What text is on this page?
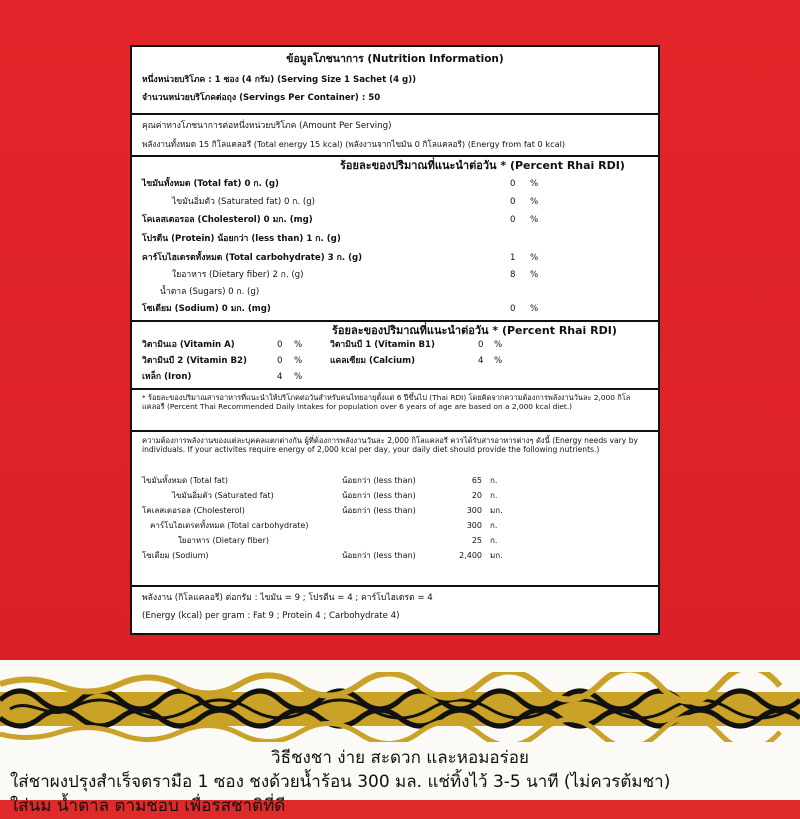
ข้อมูลโภชนาการ (Nutrition Information)
หนึ่งหน่วยบริโภค : 1 ซอง (4 กรัม) (Serving Size 1 Sachet (4 g))
จำนวนหน่วยบริโภคต่อถุง (Servings Per Container) : 50
คุณค่าทางโภชนาการต่อหนึ่งหน่วยบริโภค (Amount Per Serving)
พลังงานทั้งหมด 15 กิโลแคลอรี (Total energy 15 kcal) (พลังงานจากไขมัน 0 กิโลแคลอรี) (Energy from fat 0 kcal)
ร้อยละของปริมาณที่แนะนำต่อวัน * (Percent Rhai RDI)
ไขมันทั้งหมด (Total fat) 0 ก. (g)	0 %
ไขมันอิ่มตัว (Saturated fat) 0 ก. (g)	0 %
โคเลสเตอรอล (Cholesterol) 0 มก. (mg)	0 %
โปรตีน (Protein) น้อยกว่า (less than) 1 ก. (g)
คาร์โบไฮเดรตทั้งหมด (Total carbohydrate) 3 ก. (g)	1 %
ใยอาหาร (Dietary fiber) 2 ก. (g)	8 %
น้ำตาล (Sugars) 0 ก. (g)
โซเดียม (Sodium) 0 มก. (mg)	0 %
ร้อยละของปริมาณที่แนะนำต่อวัน * (Percent Rhai RDI)
วิตามินเอ (Vitamin A)	0 %	วิตามินบี 1 (Vitamin B1)	0 %
วิตามินบี 2 (Vitamin B2)	0 %	แคลเซียม (Calcium)	4 %
เหล็ก (Iron)	4 %
* ร้อยละของปริมาณสารอาหารที่แนะนำให้บริโภคต่อวันสำหรับคนไทยอายุตั้งแต่ 6 ปีขึ้นไป (Thai RDI) โดยคิดจากความต้องการพลังงานวันละ 2,000 กิโลแคลอรี (Percent Thai Recommended Daily Intakes for population over 6 years of age are based on a 2,000 kcal diet.)
ความต้องการพลังงานของแต่ละบุคคลแตกต่างกัน ผู้ที่ต้องการพลังงานวันละ 2,000 กิโลแคลอรี ควรได้รับสารอาหารต่างๆ ดังนี้ (Energy needs vary by individuals. If your activites require energy of 2,000 kcal per day, your daily diet should provide the following nutrients.)
ไขมันทั้งหมด (Total fat)	น้อยกว่า (less than)	65 ก.
ไขมันอิ่มตัว (Saturated fat)	น้อยกว่า (less than)	20 ก.
โคเลสเตอรอล (Cholesterol)	น้อยกว่า (less than)	300 มก.
คาร์โบไฮเดรตทั้งหมด (Total carbohydrate)	300 ก.
ใยอาหาร (Dietary fiber)	25 ก.
โซเดียม (Sodium)	น้อยกว่า (less than)	2,400 มก.
พลังงาน (กิโลแคลอรี) ต่อกรัม : ไขมัน = 9 ; โปรตีน = 4 ; คาร์โบไฮเดรต = 4
(Energy (kcal) per gram : Fat 9 ; Protein 4 ; Carbohydrate 4)
วิธีชงชา ง่าย สะดวก และหอมอร่อย
ใส่ชาผงปรุงสำเร็จตรามือ 1 ซอง ชงด้วยน้ำร้อน 300 มล. แช่ทิ้งไว้ 3-5 นาที (ไม่ควรต้มชา)
ใส่นม น้ำตาล ตามชอบ เพื่อรสชาติที่ดี
